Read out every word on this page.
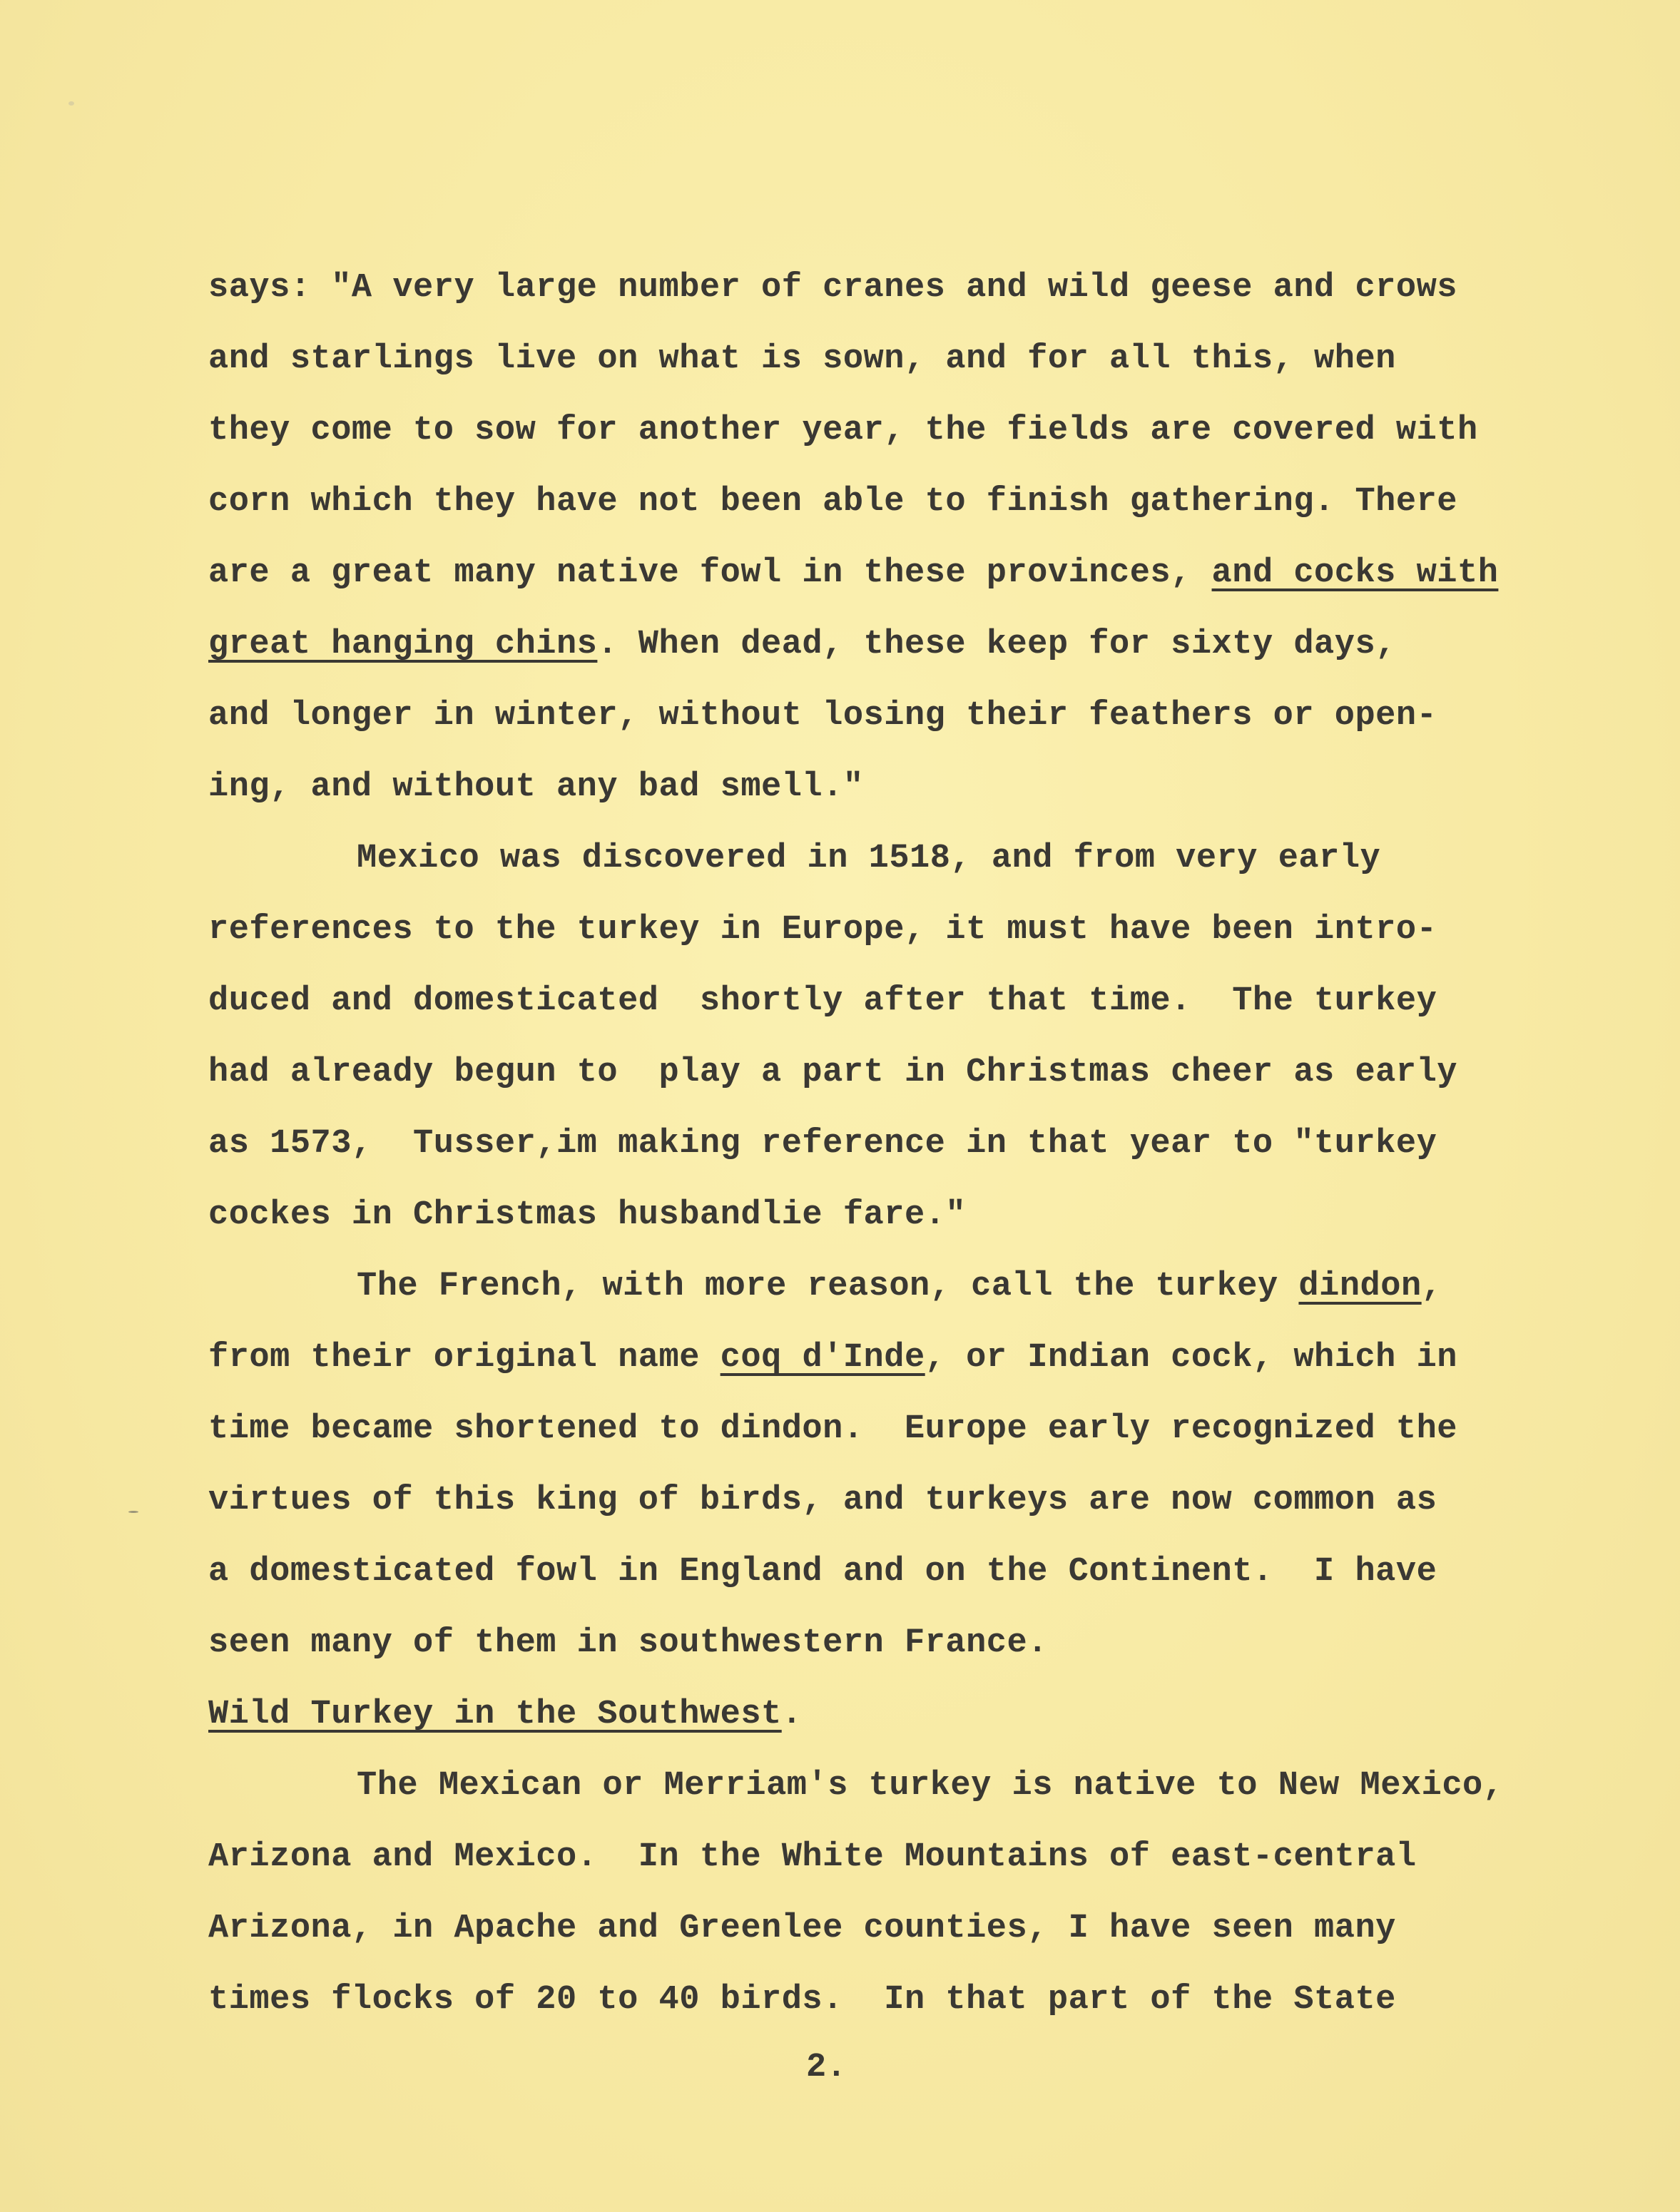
says: "A very large number of cranes and wild geese and crows
and starlings live on what is sown, and for all this, when
they come to sow for another year, the fields are covered with
corn which they have not been able to finish gathering. There
are a great many native fowl in these provinces, and cocks with
great hanging chins. When dead, these keep for sixty days,
and longer in winter, without losing their feathers or open-
ing, and without any bad smell."
Mexico was discovered in 1518, and from very early
references to the turkey in Europe, it must have been intro-
duced and domesticated  shortly after that time.  The turkey
had already begun to  play a part in Christmas cheer as early
as 1573,  Tusser,im making reference in that year to "turkey
cockes in Christmas husbandlie fare."
The French, with more reason, call the turkey dindon,
from their original name coq d'Inde, or Indian cock, which in
time became shortened to dindon.  Europe early recognized the
virtues of this king of birds, and turkeys are now common as
a domesticated fowl in England and on the Continent.  I have
seen many of them in southwestern France.
Wild Turkey in the Southwest.
The Mexican or Merriam's turkey is native to New Mexico,
Arizona and Mexico.  In the White Mountains of east-central
Arizona, in Apache and Greenlee counties, I have seen many
times flocks of 20 to 40 birds.  In that part of the State
2.
